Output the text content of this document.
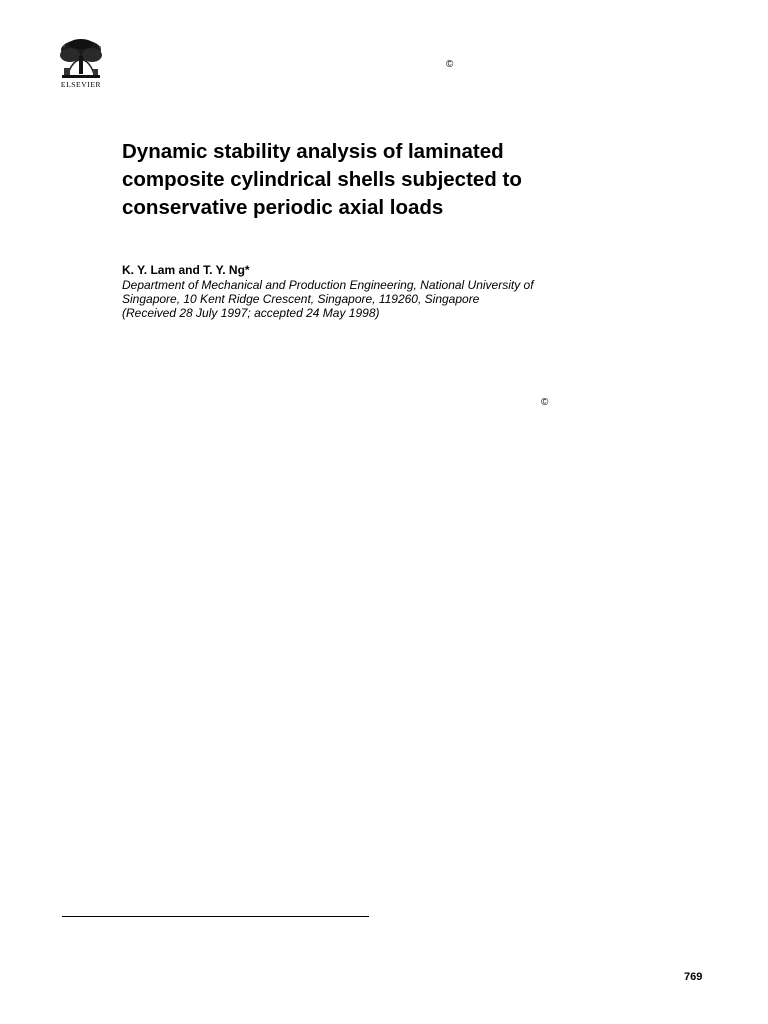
ELSEVIER
©
Dynamic stability analysis of laminated
composite cylindrical shells subjected to
conservative periodic axial loads
K. Y. Lam and T. Y. Ng*
Department of Mechanical and Production Engineering, National University of
Singapore, 10 Kent Ridge Crescent, Singapore, 119260, Singapore
(Received 28 July 1997; accepted 24 May 1998)
©
769
